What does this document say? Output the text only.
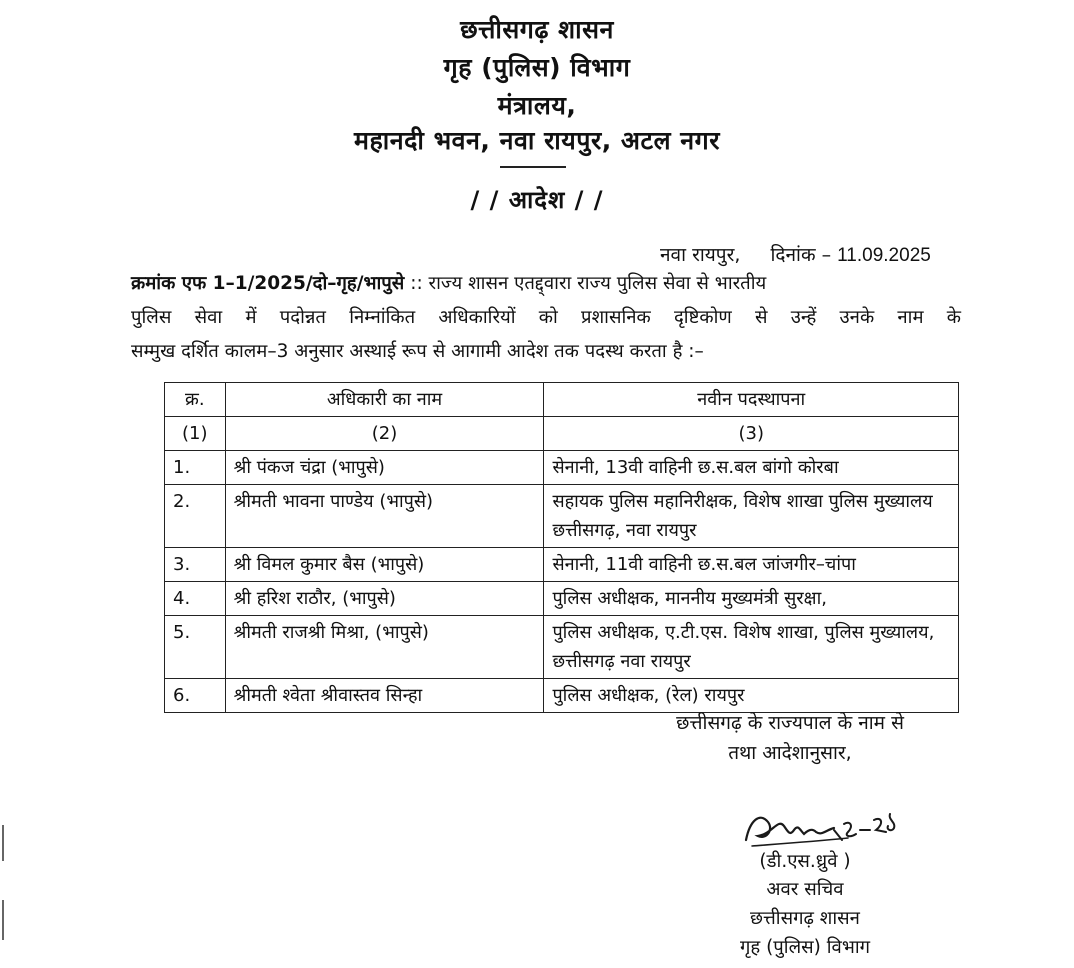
छत्तीसगढ़ शासन
गृह (पुलिस) विभाग
मंत्रालय,
महानदी भवन, नवा रायपुर, अटल नगर
/ / आदेश / /
नवा रायपुर, दिनांक – 11.09.2025
क्रमांक एफ 1–1/2025/दो–गृह/भापुसे :: राज्य शासन एतद्द्वारा राज्य पुलिस सेवा से भारतीय
पुलिस सेवा में पदोन्नत निम्नांकित अधिकारियों को प्रशासनिक दृष्टिकोण से उन्हें उनके नाम के
सम्मुख दर्शित कालम–3 अनुसार अस्थाई रूप से आगामी आदेश तक पदस्थ करता है :–
क्र.	अधिकारी का नाम	नवीन पदस्थापना
(1)	(2)	(3)
1.	श्री पंकज चंद्रा (भापुसे)	सेनानी, 13वी वाहिनी छ.स.बल बांगो कोरबा
2.	श्रीमती भावना पाण्डेय (भापुसे)	सहायक पुलिस महानिरीक्षक, विशेष शाखा पुलिस मुख्यालय छत्तीसगढ़, नवा रायपुर
3.	श्री विमल कुमार बैस (भापुसे)	सेनानी, 11वी वाहिनी छ.स.बल जांजगीर–चांपा
4.	श्री हरिश राठौर, (भापुसे)	पुलिस अधीक्षक, माननीय मुख्यमंत्री सुरक्षा,
5.	श्रीमती राजश्री मिश्रा, (भापुसे)	पुलिस अधीक्षक, ए.टी.एस. विशेष शाखा, पुलिस मुख्यालय, छत्तीसगढ़ नवा रायपुर
6.	श्रीमती श्वेता श्रीवास्तव सिन्हा	पुलिस अधीक्षक, (रेल) रायपुर
छत्तीसगढ़ के राज्यपाल के नाम से
तथा आदेशानुसार,
(डी.एस.ध्रुवे )
अवर सचिव
छत्तीसगढ़ शासन
गृह (पुलिस) विभाग
